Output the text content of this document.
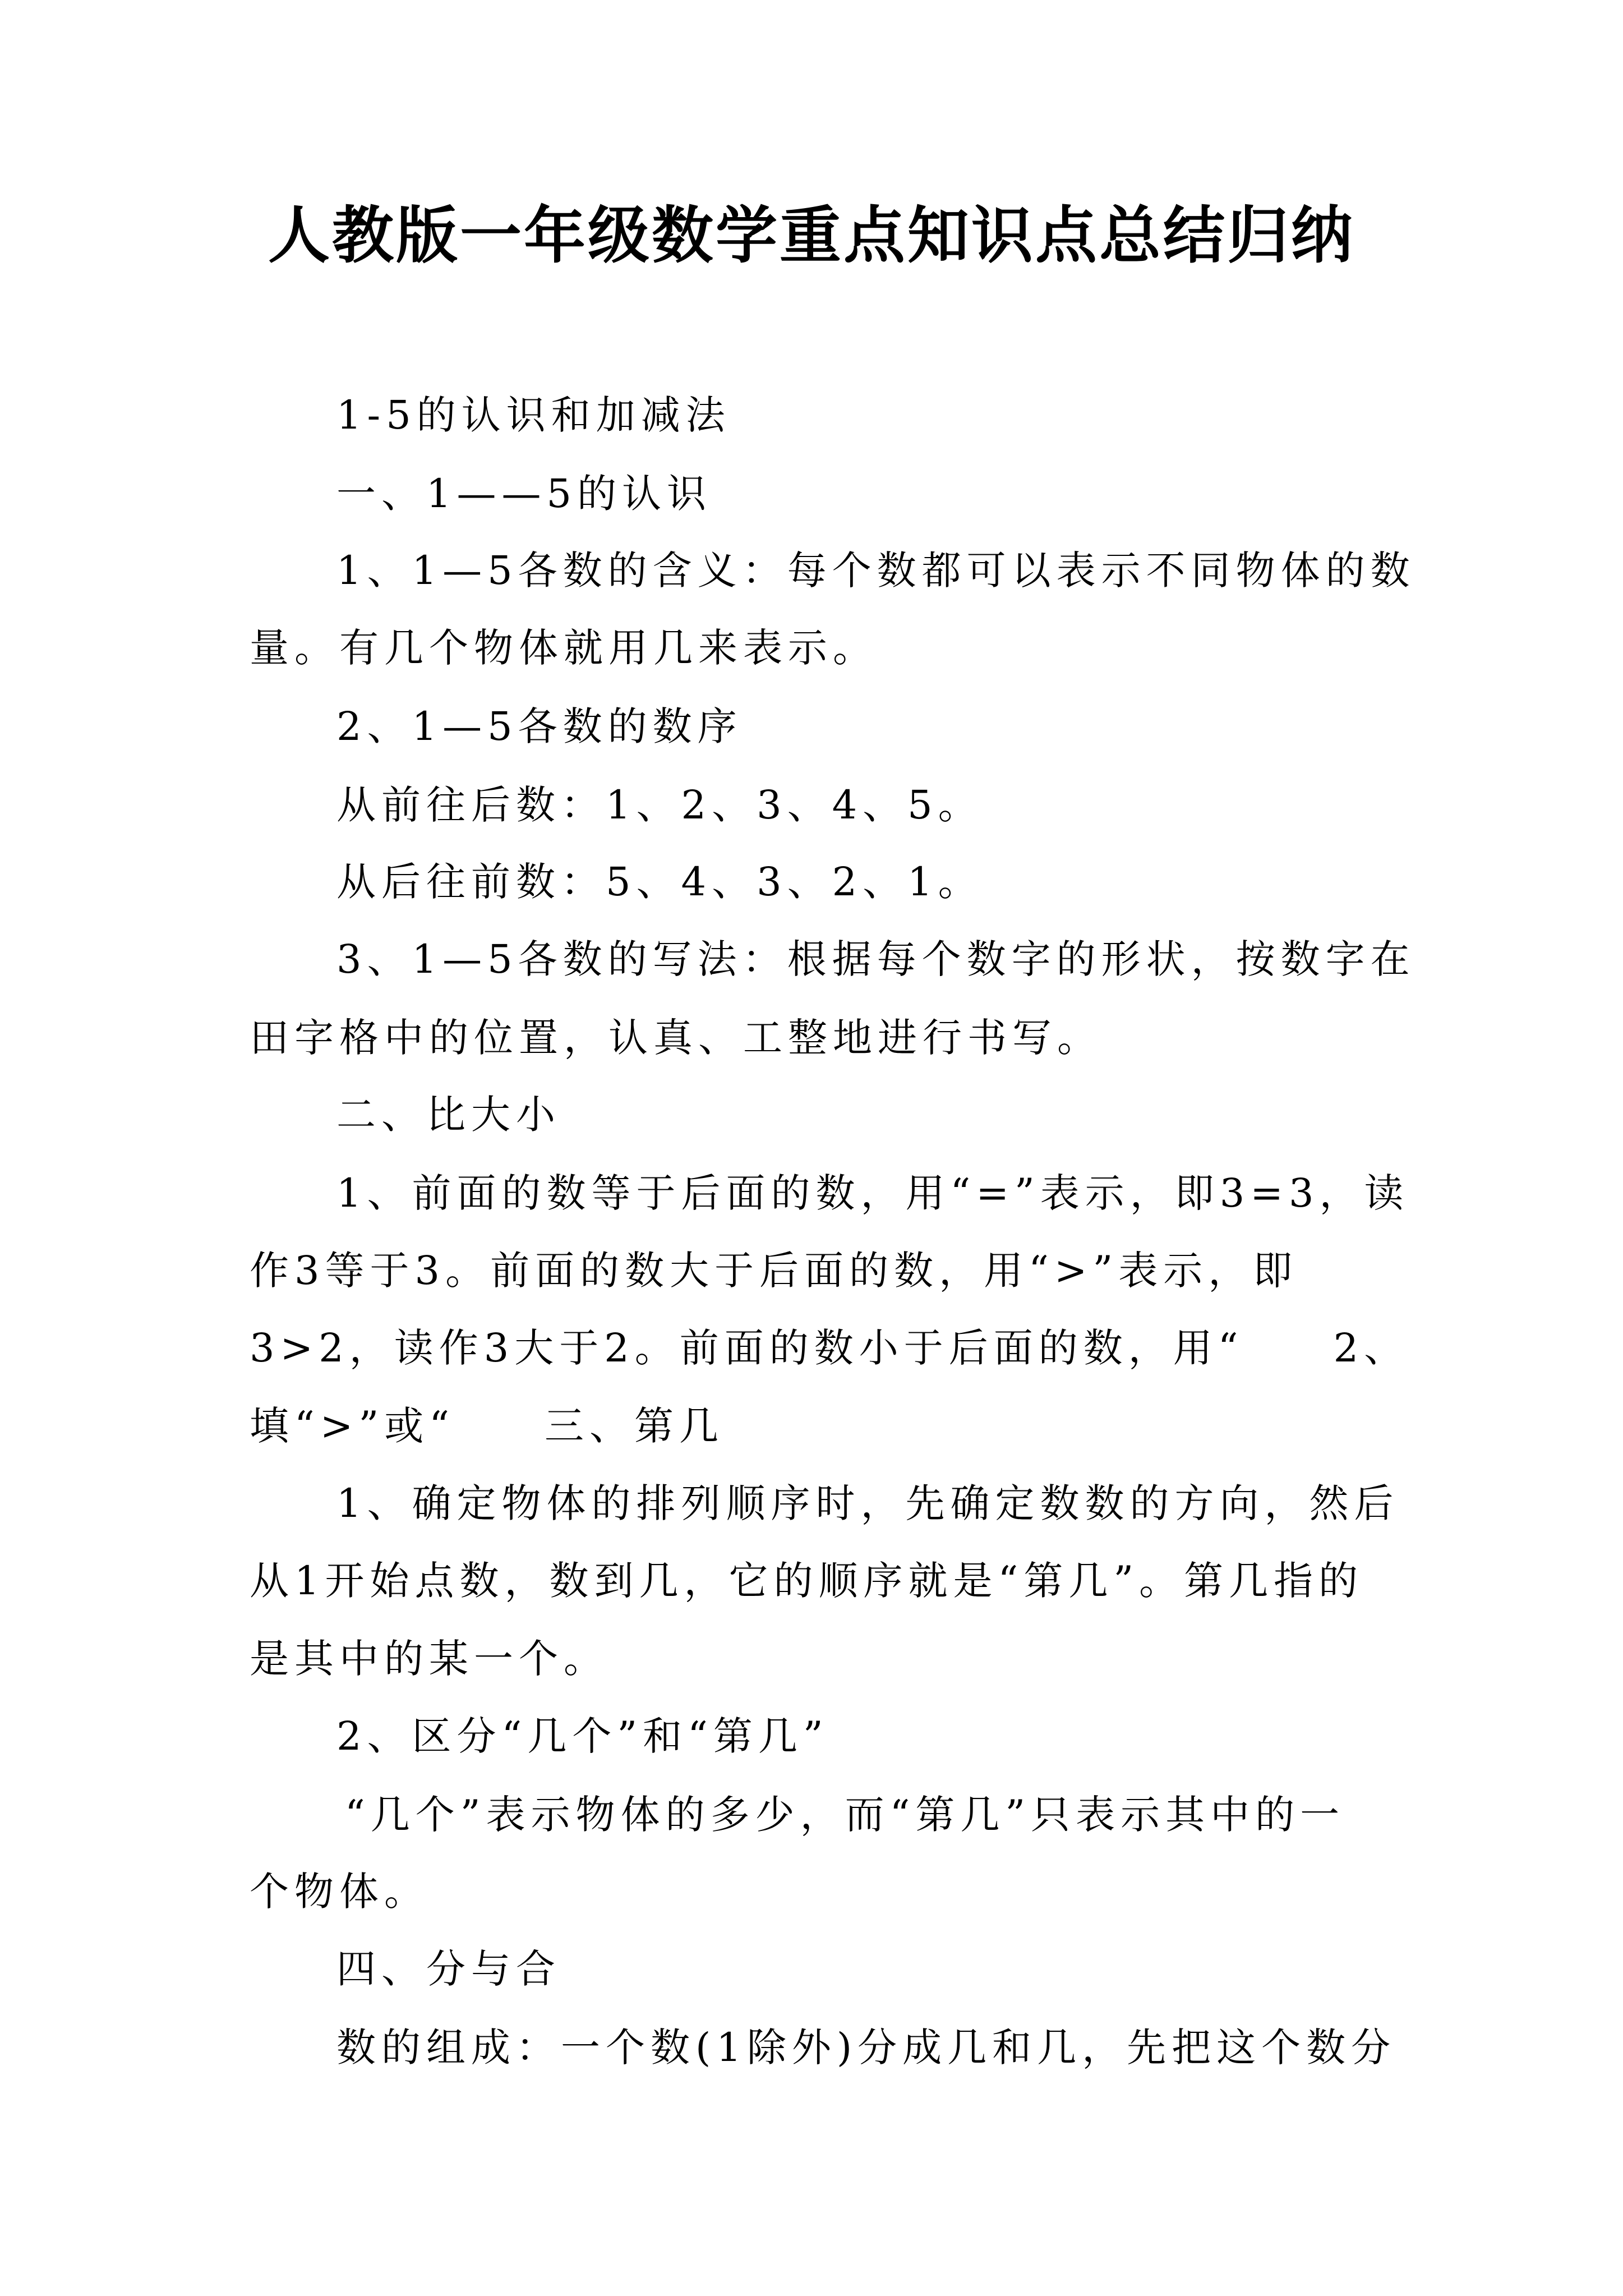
人教版一年级数学重点知识点总结归纳
1-5的认识和加减法
一、1——5的认识
1、1—5各数的含义：每个数都可以表示不同物体的数
量。有几个物体就用几来表示。
2、1—5各数的数序
从前往后数：1、2、3、4、5。
从后往前数：5、4、3、2、1。
3、1—5各数的写法：根据每个数字的形状，按数字在
田字格中的位置，认真、工整地进行书写。
二、比大小
1、前面的数等于后面的数，用“=”表示，即3=3，读
作3等于3。前面的数大于后面的数，用“>”表示，即
3>2，读作3大于2。前面的数小于后面的数，用“　　2、
填“>”或“　　三、第几
1、确定物体的排列顺序时，先确定数数的方向，然后
从1开始点数，数到几，它的顺序就是“第几”。第几指的
是其中的某一个。
2、区分“几个”和“第几”
“几个”表示物体的多少，而“第几”只表示其中的一
个物体。
四、分与合
数的组成：一个数(1除外)分成几和几，先把这个数分
